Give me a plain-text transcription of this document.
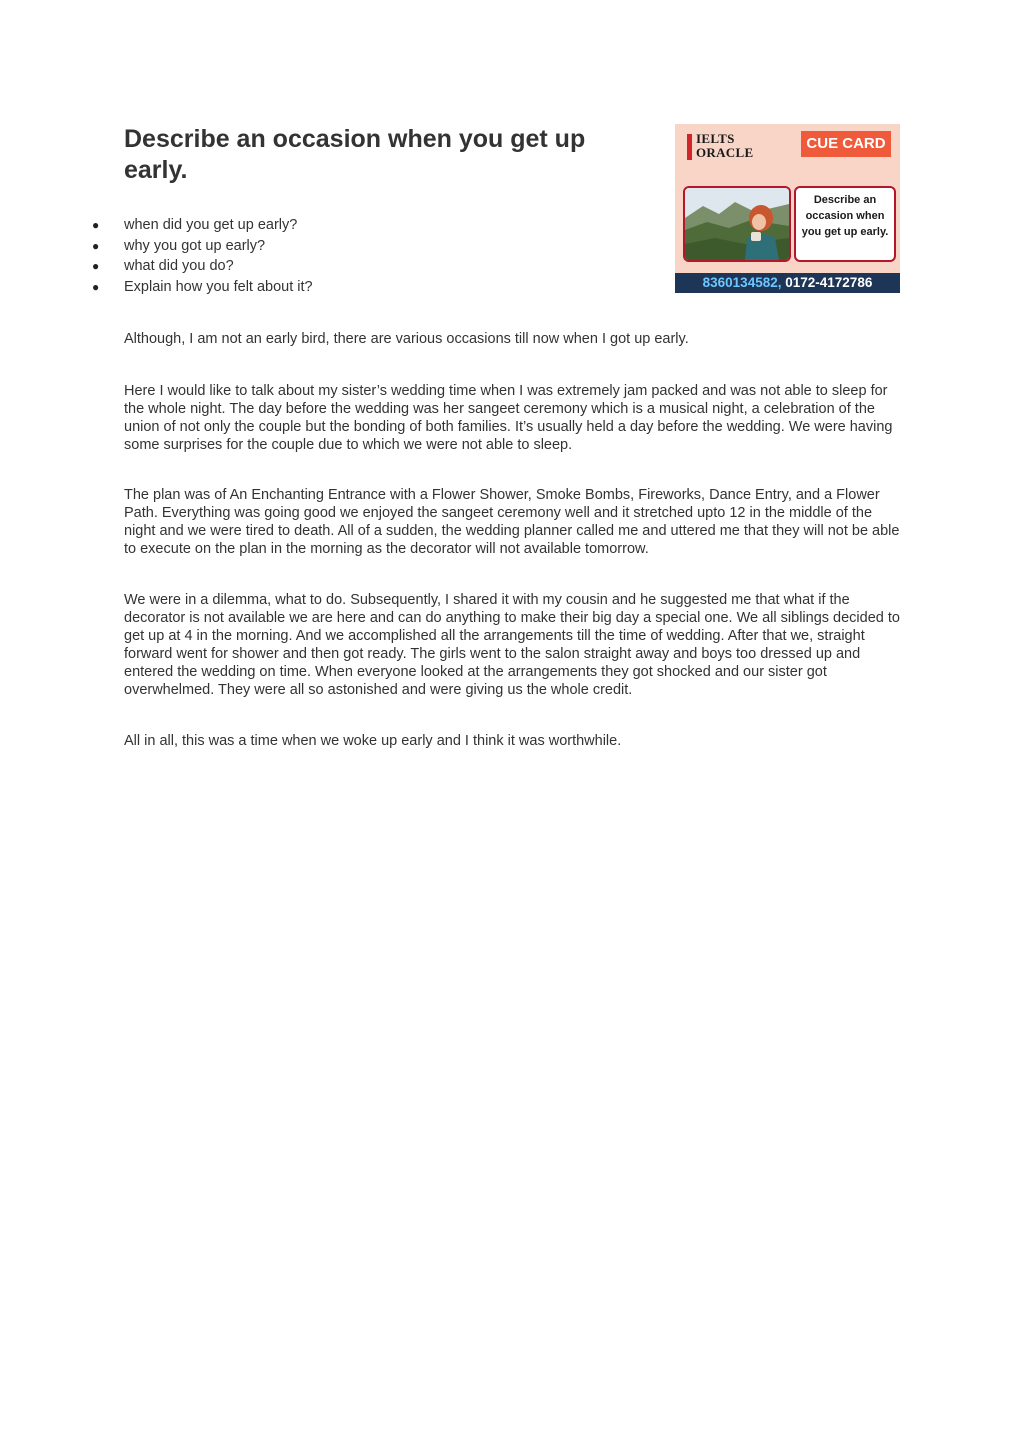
Describe an occasion when you get up early.
● when did you get up early?
● why you got up early?
● what did you do?
● Explain how you felt about it?

Although, I am not an early bird, there are various occasions till now when I got up early.

Here I would like to talk about my sister’s wedding time when I was extremely jam packed and was not able to sleep for the whole night. The day before the wedding was her sangeet ceremony which is a musical night, a celebration of the union of not only the couple but the bonding of both families. It’s usually held a day before the wedding. We were having some surprises for the couple due to which we were not able to sleep.

The plan was of An Enchanting Entrance with a Flower Shower, Smoke Bombs, Fireworks, Dance Entry, and a Flower Path. Everything was going good we enjoyed the sangeet ceremony well and it stretched upto 12 in the middle of the night and we were tired to death. All of a sudden, the wedding planner called me and uttered me that they will not be able to execute on the plan in the morning as the decorator will not available tomorrow.

We were in a dilemma, what to do. Subsequently, I shared it with my cousin and he suggested me that what if the decorator is not available we are here and can do anything to make their big day a special one. We all siblings decided to get up at 4 in the morning. And we accomplished all the arrangements till the time of wedding. After that we, straight forward went for shower and then got ready. The girls went to the salon straight away and boys too dressed up and entered the wedding on time. When everyone looked at the arrangements they got shocked and our sister got overwhelmed. They were all so astonished and were giving us the whole credit.

All in all, this was a time when we woke up early and I think it was worthwhile.

IELTS
ORACLE
CUE CARD
Describe an occasion when you get up early.
8360134582, 0172-4172786
